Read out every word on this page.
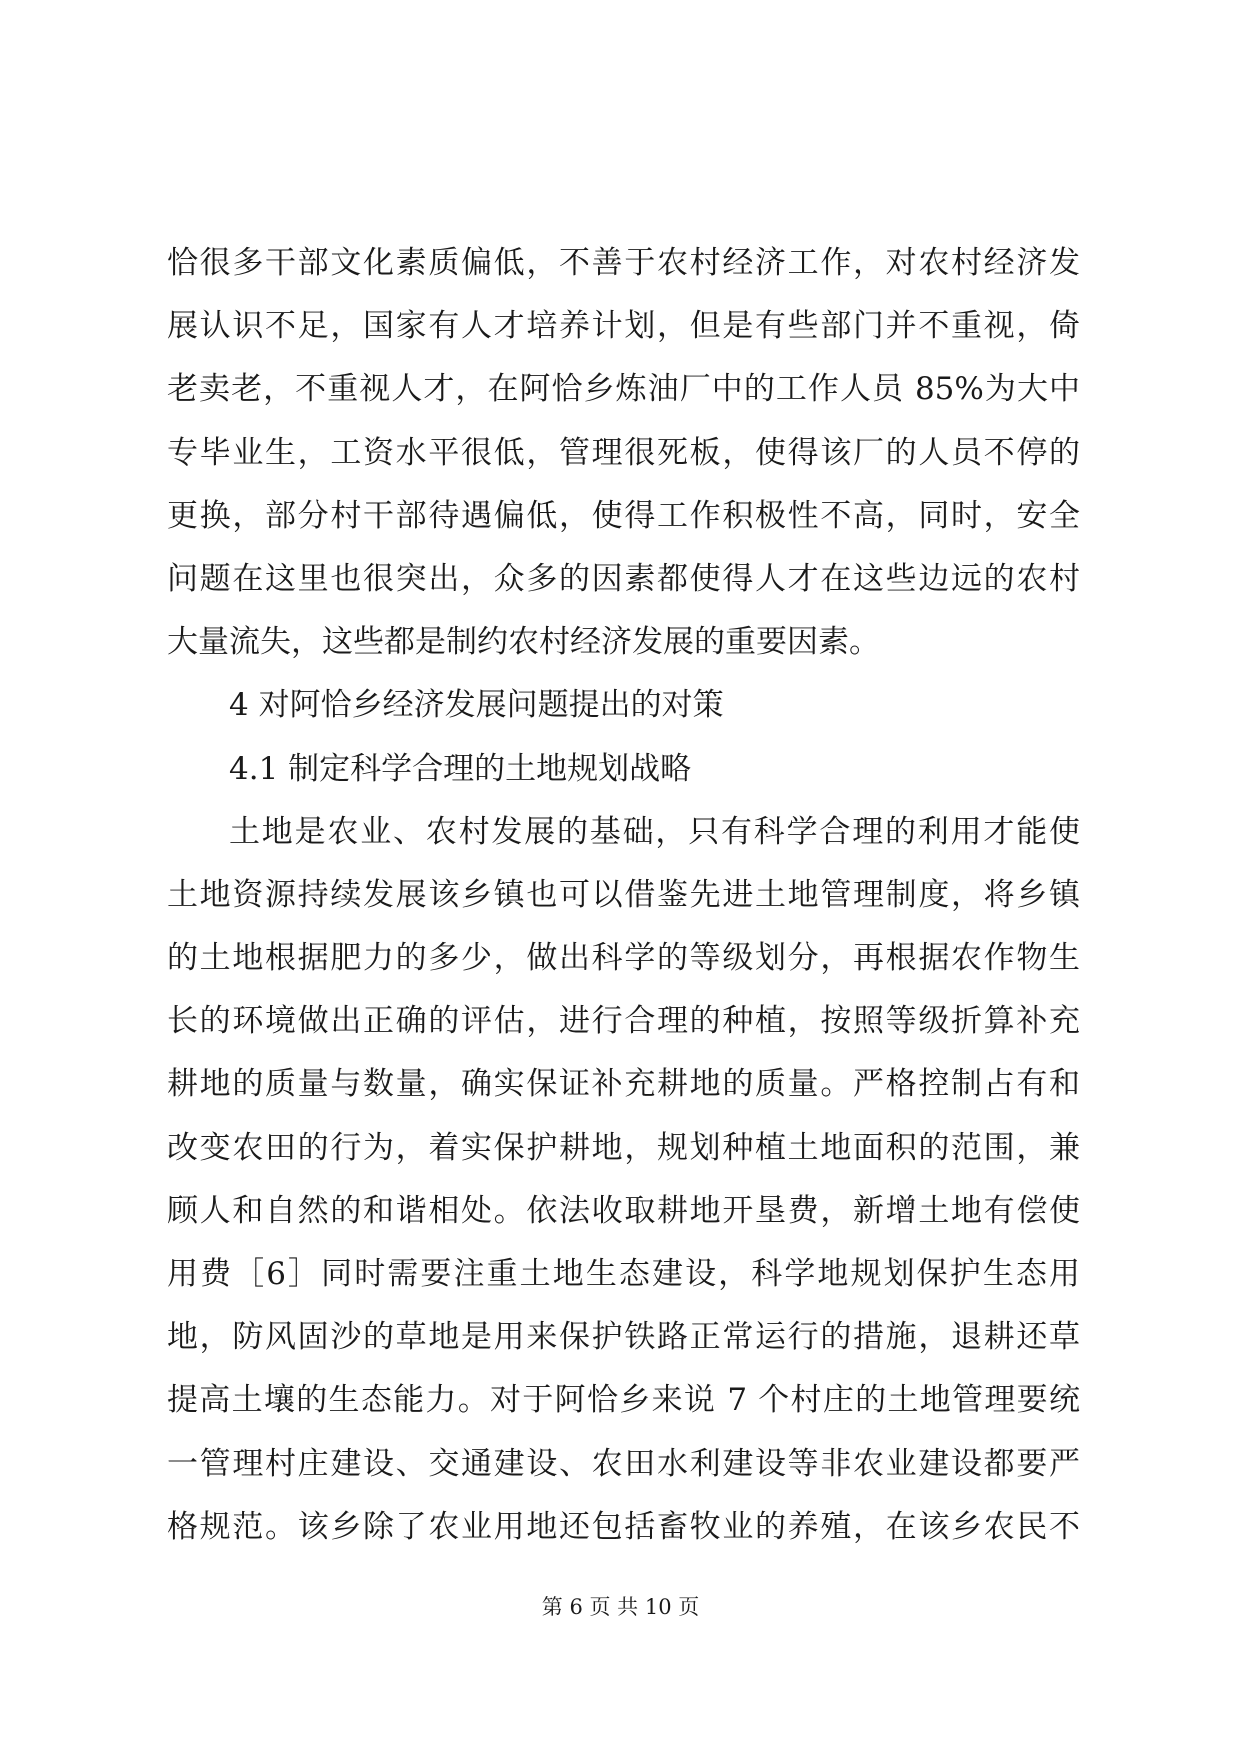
恰很多干部文化素质偏低，不善于农村经济工作，对农村经济发
展认识不足，国家有人才培养计划，但是有些部门并不重视，倚
老卖老，不重视人才，在阿恰乡炼油厂中的工作人员 85%为大中
专毕业生，工资水平很低，管理很死板，使得该厂的人员不停的
更换，部分村干部待遇偏低，使得工作积极性不高，同时，安全
问题在这里也很突出，众多的因素都使得人才在这些边远的农村
大量流失，这些都是制约农村经济发展的重要因素。
4 对阿恰乡经济发展问题提出的对策
4.1 制定科学合理的土地规划战略
土地是农业、农村发展的基础，只有科学合理的利用才能使
土地资源持续发展该乡镇也可以借鉴先进土地管理制度，将乡镇
的土地根据肥力的多少，做出科学的等级划分，再根据农作物生
长的环境做出正确的评估，进行合理的种植，按照等级折算补充
耕地的质量与数量，确实保证补充耕地的质量。严格控制占有和
改变农田的行为，着实保护耕地，规划种植土地面积的范围，兼
顾人和自然的和谐相处。依法收取耕地开垦费，新增土地有偿使
用费［6］同时需要注重土地生态建设，科学地规划保护生态用
地，防风固沙的草地是用来保护铁路正常运行的措施，退耕还草
提高土壤的生态能力。对于阿恰乡来说 7 个村庄的土地管理要统
一管理村庄建设、交通建设、农田水利建设等非农业建设都要严
格规范。该乡除了农业用地还包括畜牧业的养殖，在该乡农民不
第 6 页 共 10 页
